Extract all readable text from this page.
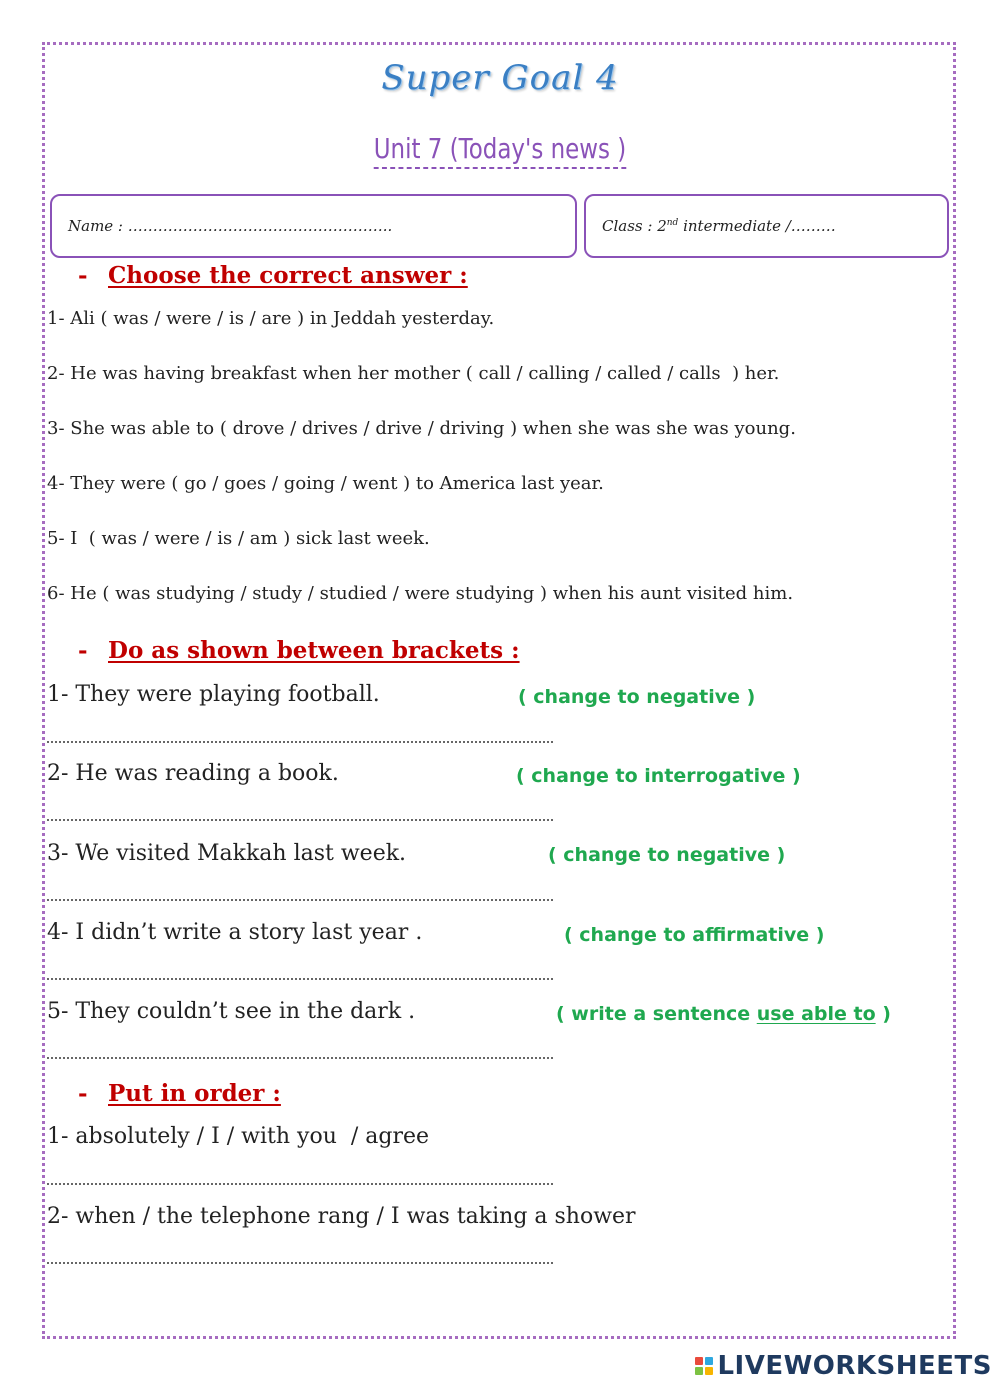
Super Goal 4
Unit 7 (Today's news )
Name : ……………………………………………..	Class : 2nd intermediate /………
- Choose the correct answer :
1- Ali ( was / were / is / are ) in Jeddah yesterday.
2- He was having breakfast when her mother ( call / calling / called / calls  ) her.
3- She was able to ( drove / drives / drive / driving ) when she was she was young.
4- They were ( go / goes / going / went ) to America last year.
5- I  ( was / were / is / am ) sick last week.
6- He ( was studying / study / studied / were studying ) when his aunt visited him.
- Do as shown between brackets :
1- They were playing football.	( change to negative )
2- He was reading a book.	( change to interrogative )
3- We visited Makkah last week.	( change to negative )
4- I didn’t write a story last year .	( change to affirmative )
5- They couldn’t see in the dark .	( write a sentence use able to )
- Put in order :
1- absolutely / I / with you  / agree
2- when / the telephone rang / I was taking a shower
LIVEWORKSHEETS
